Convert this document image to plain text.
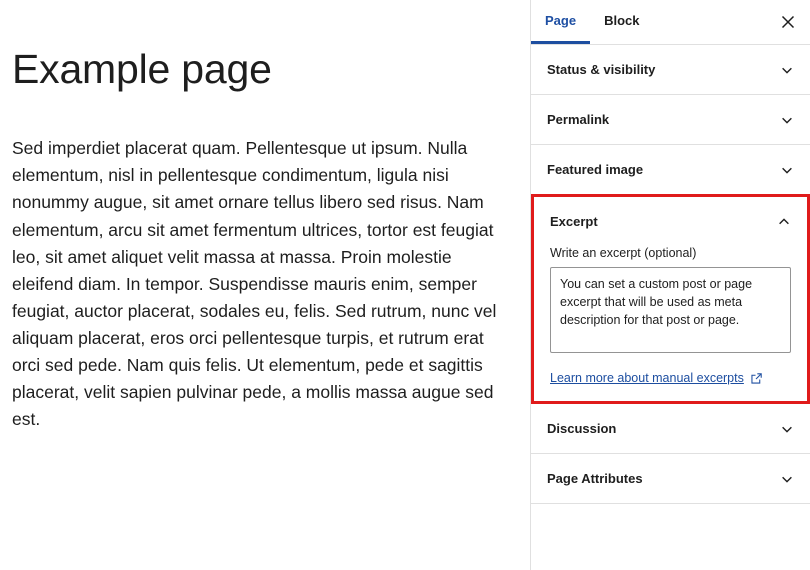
Example page

Sed imperdiet placerat quam. Pellentesque ut ipsum. Nulla elementum, nisl in pellentesque condimentum, ligula nisi nonummy augue, sit amet ornare tellus libero sed risus. Nam elementum, arcu sit amet fermentum ultrices, tortor est feugiat leo, sit amet aliquet velit massa at massa. Proin molestie eleifend diam. In tempor. Suspendisse mauris enim, semper feugiat, auctor placerat, sodales eu, felis. Sed rutrum, nunc vel aliquam placerat, eros orci pellentesque turpis, et rutrum erat orci sed pede. Nam quis felis. Ut elementum, pede et sagittis placerat, velit sapien pulvinar pede, a mollis massa augue sed est.

Page Block
Status & visibility
Permalink
Featured image
Excerpt
Write an excerpt (optional)
You can set a custom post or page excerpt that will be used as meta description for that post or page.
Learn more about manual excerpts
Discussion
Page Attributes
